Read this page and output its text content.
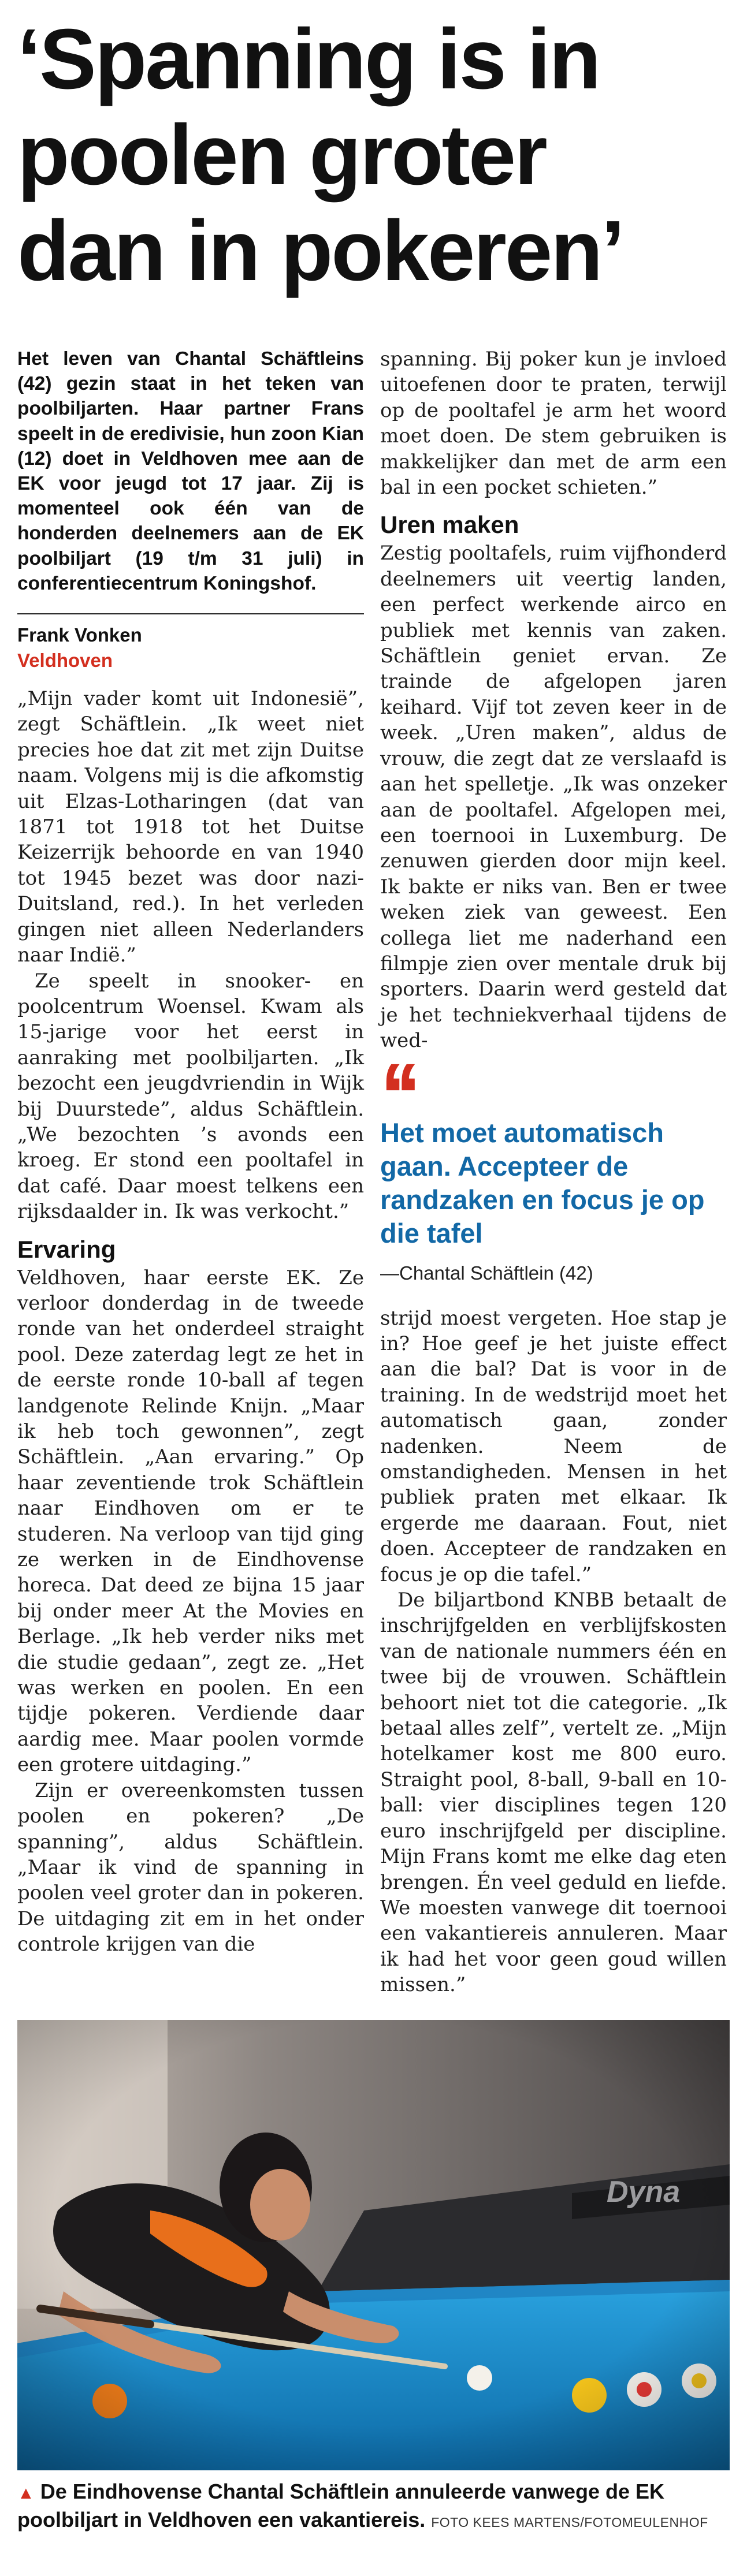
‘Spanning is in
poolen groter
dan in pokeren’

Het leven van Chantal Schäftleins (42) gezin staat in het teken van poolbiljarten. Haar partner Frans speelt in de eredivisie, hun zoon Kian (12) doet in Veldhoven mee aan de EK voor jeugd tot 17 jaar. Zij is momenteel ook één van de honderden deelnemers aan de EK poolbiljart (19 t/m 31 juli) in conferentiecentrum Koningshof.

Frank Vonken
Veldhoven

„Mijn vader komt uit Indonesië”, zegt Schäftlein. „Ik weet niet precies hoe dat zit met zijn Duitse naam. Volgens mij is die afkomstig uit Elzas-Lotharingen (dat van 1871 tot 1918 tot het Duitse Keizerrijk behoorde en van 1940 tot 1945 bezet was door nazi-Duitsland, red.). In het verleden gingen niet alleen Nederlanders naar Indië.”

Ze speelt in snooker- en poolcentrum Woensel. Kwam als 15-jarige voor het eerst in aanraking met poolbiljarten. „Ik bezocht een jeugdvriendin in Wijk bij Duurstede”, aldus Schäftlein. „We bezochten ’s avonds een kroeg. Er stond een pooltafel in dat café. Daar moest telkens een rijksdaalder in. Ik was verkocht.”

Ervaring

Veldhoven, haar eerste EK. Ze verloor donderdag in de tweede ronde van het onderdeel straight pool. Deze zaterdag legt ze het in de eerste ronde 10-ball af tegen landgenote Relinde Knijn. „Maar ik heb toch gewonnen”, zegt Schäftlein. „Aan ervaring.” Op haar zeventiende trok Schäftlein naar Eindhoven om er te studeren. Na verloop van tijd ging ze werken in de Eindhovense horeca. Dat deed ze bijna 15 jaar bij onder meer At the Movies en Berlage. „Ik heb verder niks met die studie gedaan”, zegt ze. „Het was werken en poolen. En een tijdje pokeren. Verdiende daar aardig mee. Maar poolen vormde een grotere uitdaging.”

Zijn er overeenkomsten tussen poolen en pokeren? „De spanning”, aldus Schäftlein. „Maar ik vind de spanning in poolen veel groter dan in pokeren. De uitdaging zit em in het onder controle krijgen van die

spanning. Bij poker kun je invloed uitoefenen door te praten, terwijl op de pooltafel je arm het woord moet doen. De stem gebruiken is makkelijker dan met de arm een bal in een pocket schieten.”

Uren maken

Zestig pooltafels, ruim vijfhonderd deelnemers uit veertig landen, een perfect werkende airco en publiek met kennis van zaken. Schäftlein geniet ervan. Ze trainde de afgelopen jaren keihard. Vijf tot zeven keer in de week. „Uren maken”, aldus de vrouw, die zegt dat ze verslaafd is aan het spelletje. „Ik was onzeker aan de pooltafel. Afgelopen mei, een toernooi in Luxemburg. De zenuwen gierden door mijn keel. Ik bakte er niks van. Ben er twee weken ziek van geweest. Een collega liet me naderhand een filmpje zien over mentale druk bij sporters. Daarin werd gesteld dat je het techniekverhaal tijdens de wed-

‘‘

Het moet automatisch gaan. Accepteer de randzaken en focus je op die tafel

—Chantal Schäftlein (42)

strijd moest vergeten. Hoe stap je in? Hoe geef je het juiste effect aan die bal? Dat is voor in de training. In de wedstrijd moet het automatisch gaan, zonder nadenken. Neem de omstandigheden. Mensen in het publiek praten met elkaar. Ik ergerde me daaraan. Fout, niet doen. Accepteer de randzaken en focus je op die tafel.”

De biljartbond KNBB betaalt de inschrijfgelden en verblijfskosten van de nationale nummers één en twee bij de vrouwen. Schäftlein behoort niet tot die categorie. „Ik betaal alles zelf”, vertelt ze. „Mijn hotelkamer kost me 800 euro. Straight pool, 8-ball, 9-ball en 10-ball: vier disciplines tegen 120 euro inschrijfgeld per discipline. Mijn Frans komt me elke dag eten brengen. Én veel geduld en liefde. We moesten vanwege dit toernooi een vakantiereis annuleren. Maar ik had het voor geen goud willen missen.”

▲ De Eindhovense Chantal Schäftlein annuleerde vanwege de EK poolbiljart in Veldhoven een vakantiereis. FOTO KEES MARTENS/FOTOMEULENHOF
